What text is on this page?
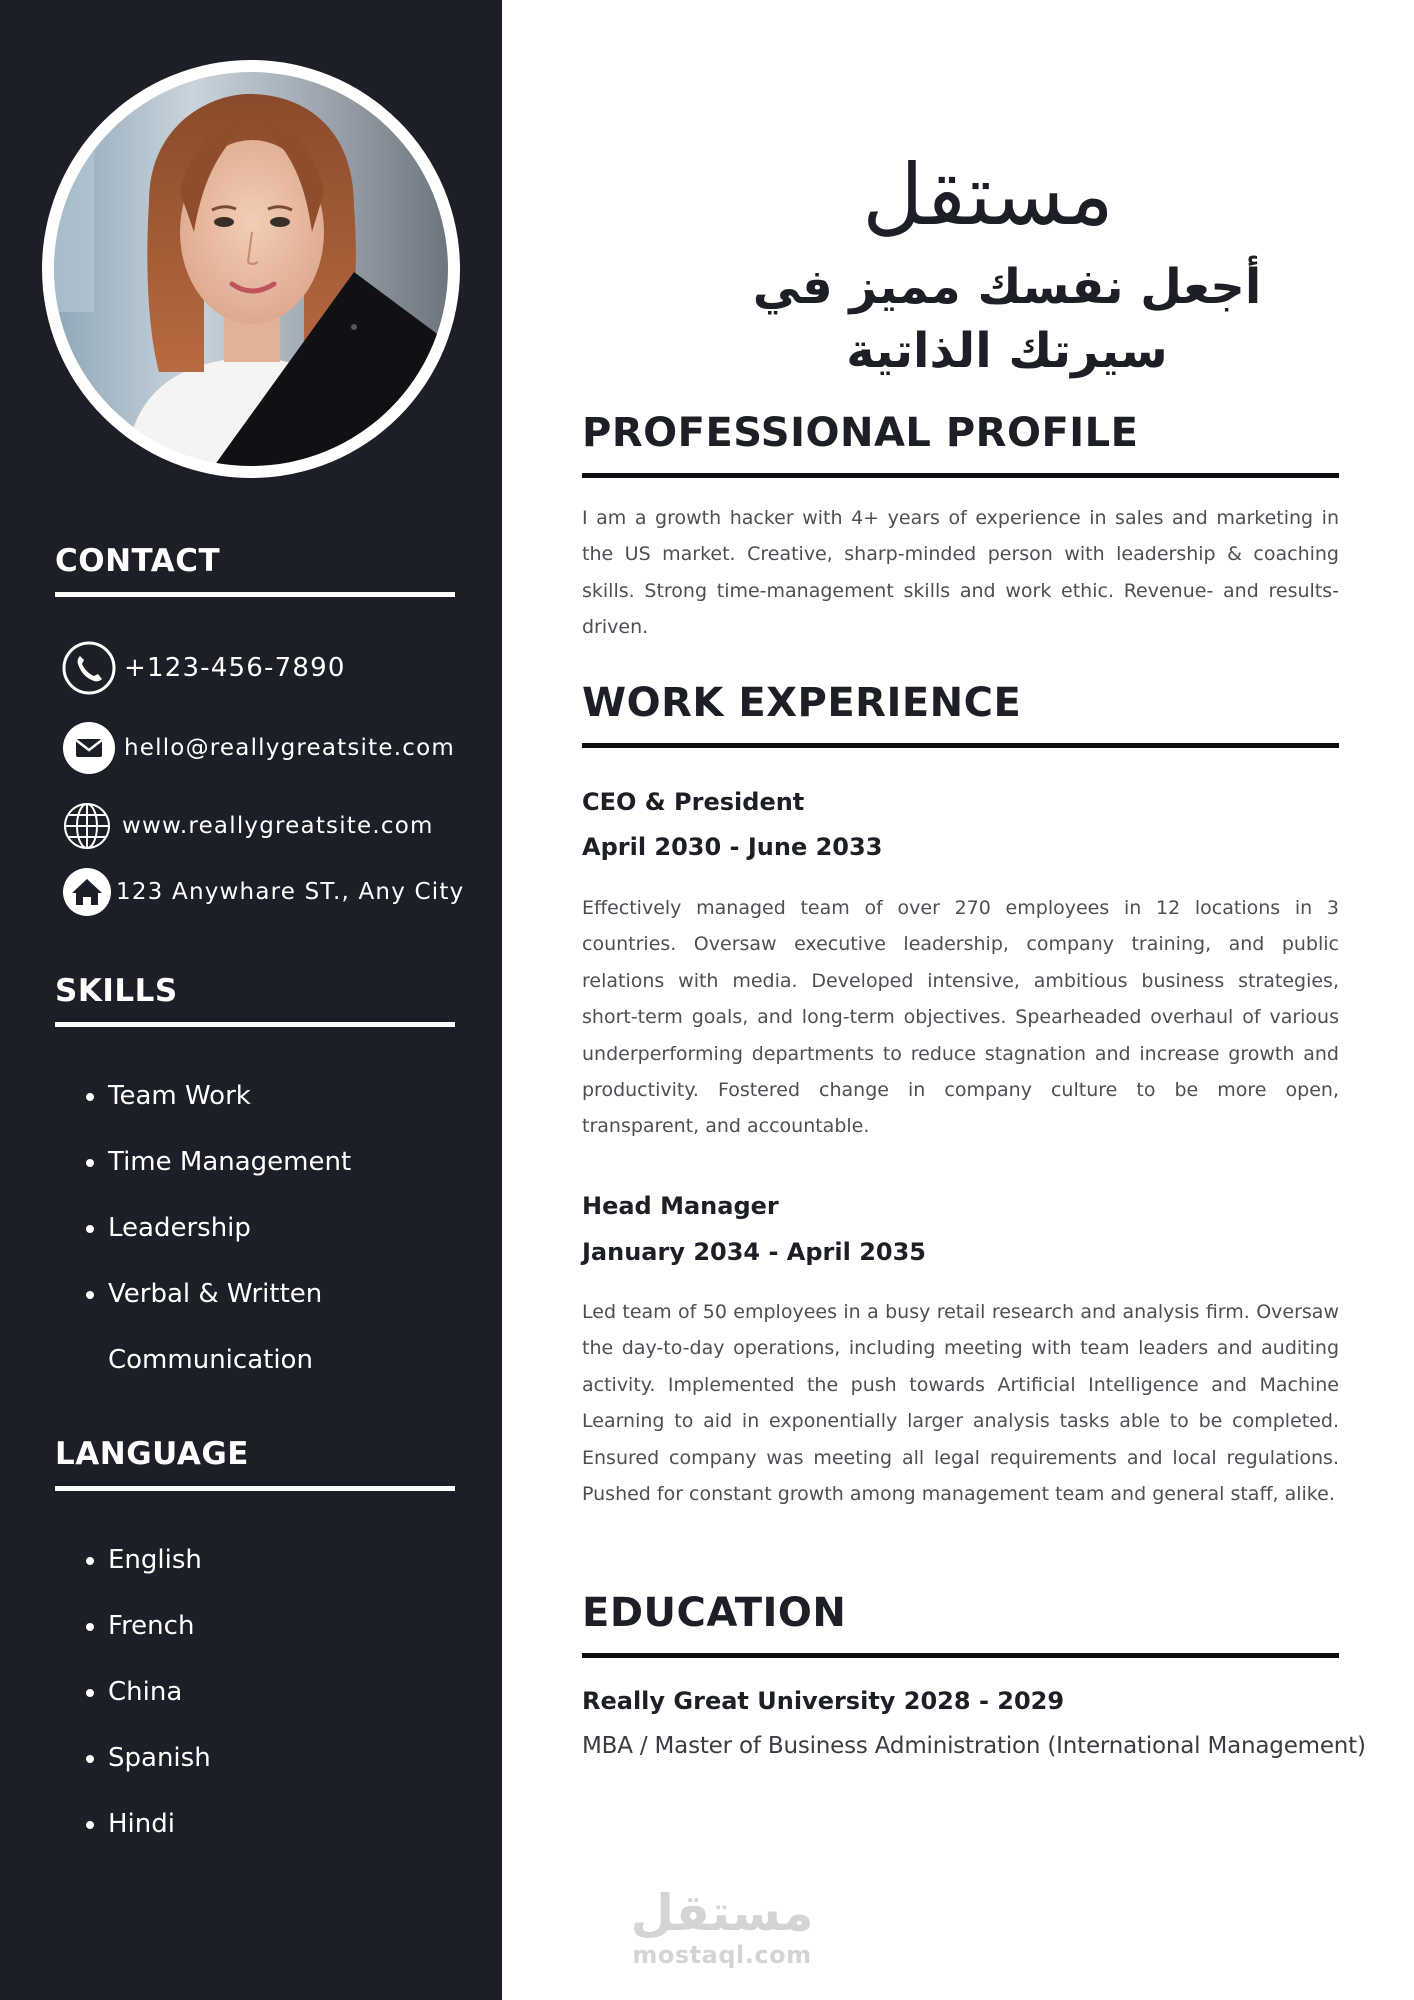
CONTACT
+123-456-7890
hello@reallygreatsite.com
www.reallygreatsite.com
123 Anywhare ST., Any City
SKILLS
Team Work
Time Management
Leadership
Verbal & Written
Communication
LANGUAGE
English
French
China
Spanish
Hindi
مستقل
أجعل نفسك مميز في سيرتك الذاتية
PROFESSIONAL PROFILE
I am a growth hacker with 4+ years of experience in sales and marketing in the US market. Creative, sharp-minded person with leadership & coaching skills. Strong time-management skills and work ethic. Revenue- and results-driven.
WORK EXPERIENCE
CEO & President
April 2030 - June 2033
Effectively managed team of over 270 employees in 12 locations in 3 countries. Oversaw executive leadership, company training, and public relations with media. Developed intensive, ambitious business strategies, short-term goals, and long-term objectives. Spearheaded overhaul of various underperforming departments to reduce stagnation and increase growth and productivity. Fostered change in company culture to be more open, transparent, and accountable.
Head Manager
January 2034 - April 2035
Led team of 50 employees in a busy retail research and analysis firm. Oversaw the day-to-day operations, including meeting with team leaders and auditing activity. Implemented the push towards Artificial Intelligence and Machine Learning to aid in exponentially larger analysis tasks able to be completed. Ensured company was meeting all legal requirements and local regulations. Pushed for constant growth among management team and general staff, alike.
EDUCATION
Really Great University 2028 - 2029
MBA / Master of Business Administration (International Management)
مستقل
mostaql.com
